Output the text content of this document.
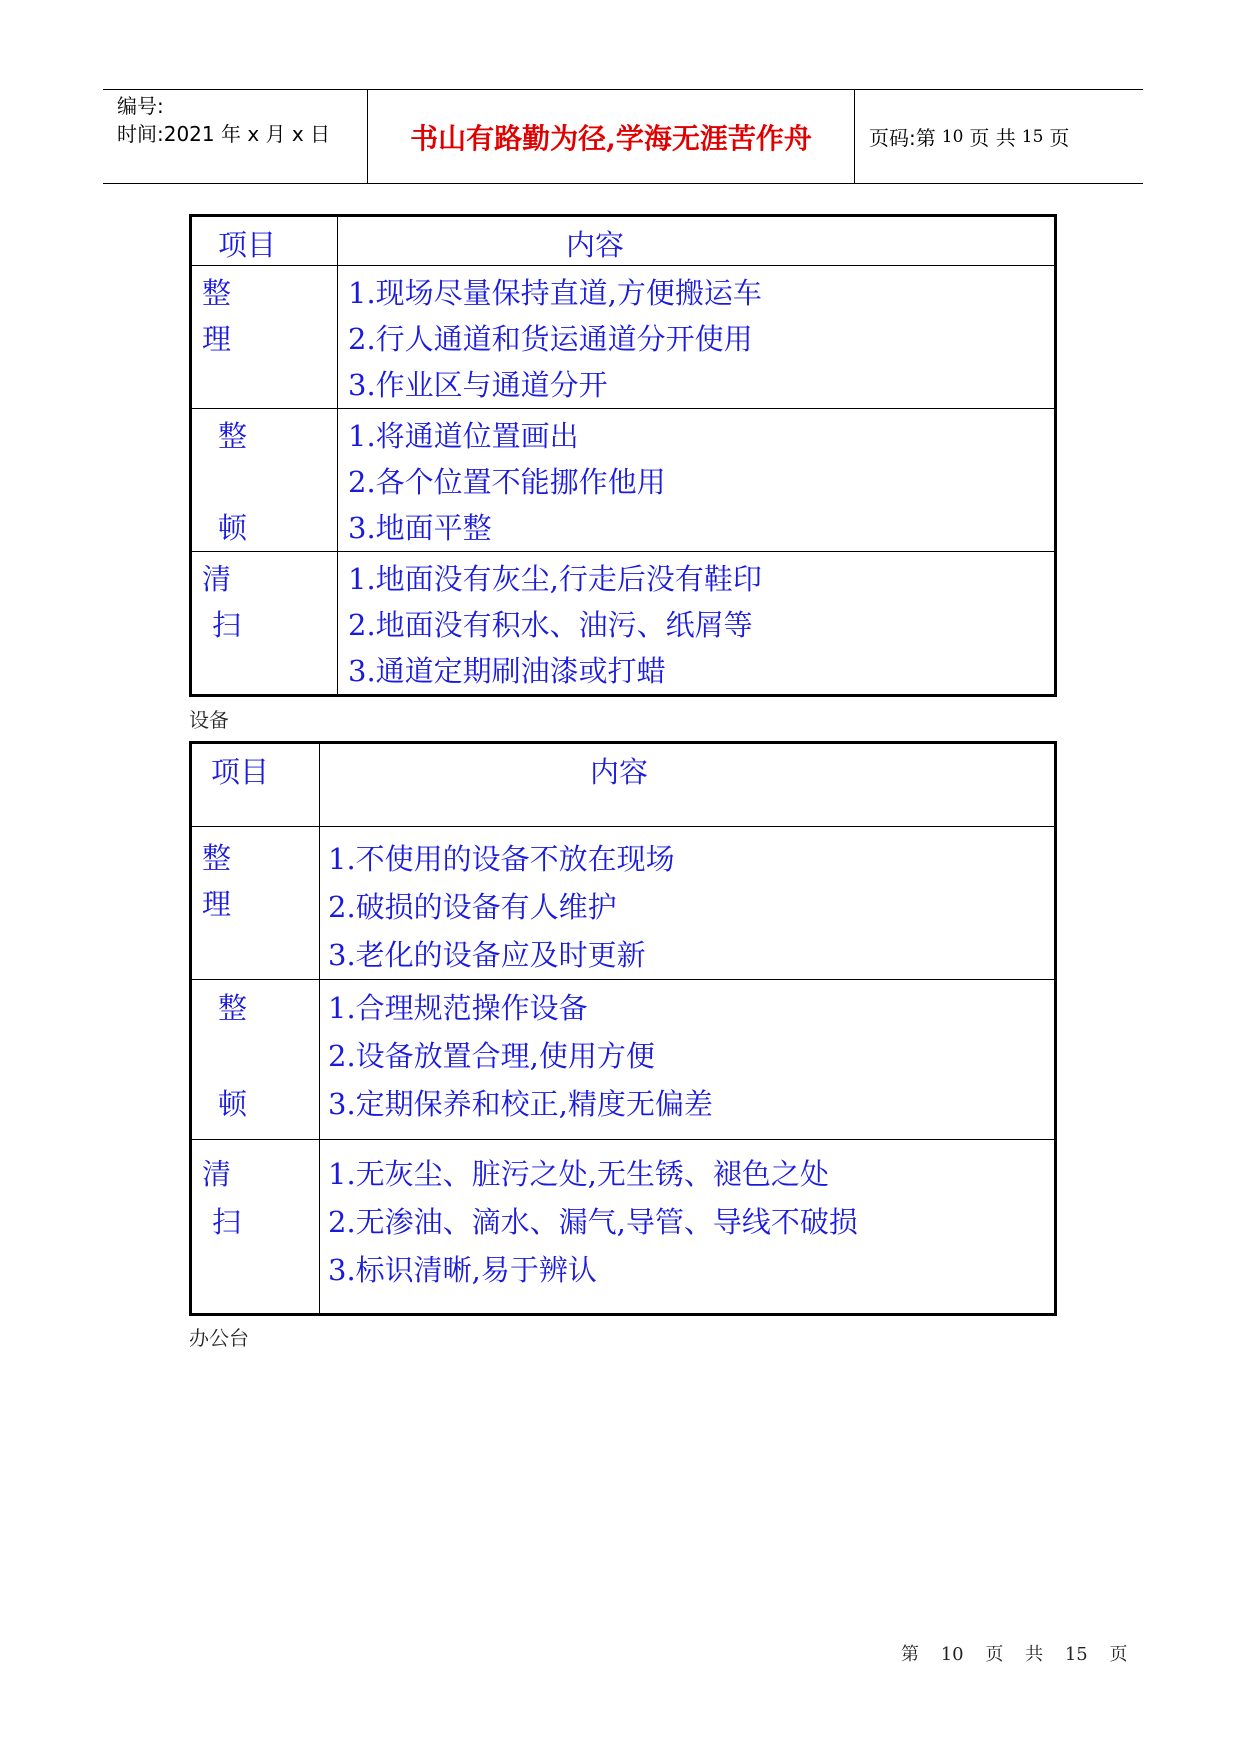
编号:
时间:2021 年 x 月 x 日	书山有路勤为径,学海无涯苦作舟	页码:第 10 页 共 15 页
项目	内容

整
理	1.现场尽量保持直道,方便搬运车
2.行人通道和货运通道分开使用
3.作业区与通道分开

整
顿	1.将通道位置画出
2.各个位置不能挪作他用
3.地面平整

清
扫	1.地面没有灰尘,行走后没有鞋印
2.地面没有积水、油污、纸屑等
3.通道定期刷油漆或打蜡
设备
项目	内容

整
理	1.不使用的设备不放在现场
2.破损的设备有人维护
3.老化的设备应及时更新

整
顿	1.合理规范操作设备
2.设备放置合理,使用方便
3.定期保养和校正,精度无偏差

清
扫	1.无灰尘、脏污之处,无生锈、褪色之处
2.无渗油、滴水、漏气,导管、导线不破损
3.标识清晰,易于辨认
办公台
第 10 页 共 15 页
